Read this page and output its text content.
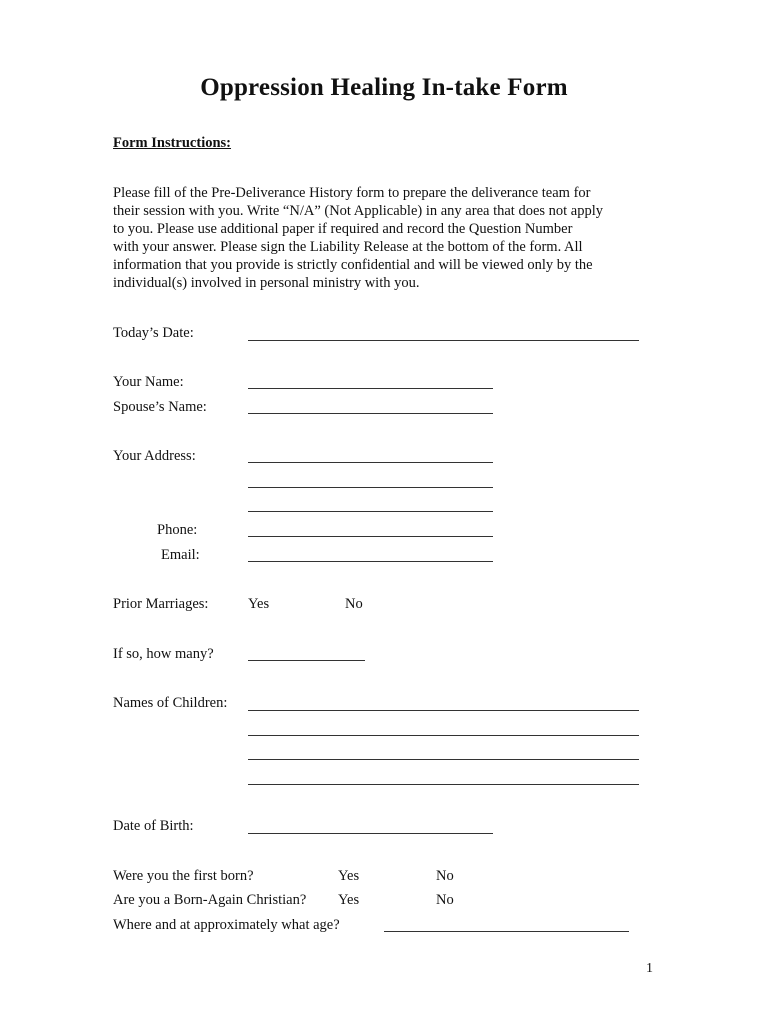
Oppression Healing In-take Form
Form Instructions:
Please fill of the Pre-Deliverance History form to prepare the deliverance team for
their session with you. Write “N/A” (Not Applicable) in any area that does not apply
to you. Please use additional paper if required and record the Question Number
with your answer. Please sign the Liability Release at the bottom of the form. All
information that you provide is strictly confidential and will be viewed only by the
individual(s) involved in personal ministry with you.
Today’s Date:
Your Name:
Spouse’s Name:
Your Address:
Phone:
Email:
Prior Marriages:	Yes	No
If so, how many?
Names of Children:
Date of Birth:
Were you the first born?	Yes	No
Are you a Born-Again Christian? Yes	No
Where and at approximately what age?
1
